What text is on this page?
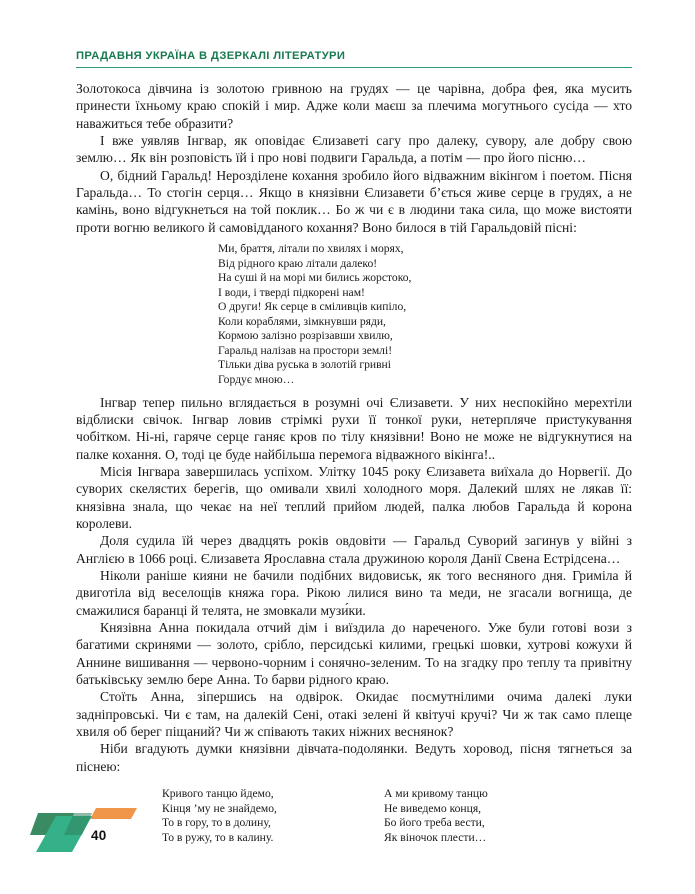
ПРАДАВНЯ УКРАЇНА В ДЗЕРКАЛІ ЛІТЕРАТУРИ

Золотокоса дівчина із золотою гривною на грудях — це чарівна, добра фея, яка мусить принести їхньому краю спокій і мир. Адже коли маєш за плечима могутнього сусіда — хто наважиться тебе образити?

І вже уявляв Інгвар, як оповідає Єлизаветі сагу про далеку, сувору, але добру свою землю… Як він розповість їй і про нові подвиги Гаральда, а потім — про його пісню…

О, бідний Гаральд! Нерозділене кохання зробило його відважним вікінгом і поетом. Пісня Гаральда… То стогін серця… Якщо в князівни Єлизавети б’ється живе серце в грудях, а не камінь, воно відгукнеться на той поклик… Бо ж чи є в людини така сила, що може вистояти проти вогню великого й самовідданого кохання? Воно билося в тій Гаральдовій пісні:

Ми, браття, літали по хвилях і морях,
Від рідного краю літали далеко!
На суші й на морі ми бились жорстоко,
І води, і тверді підкорені нам!
О други! Як серце в сміливців кипіло,
Коли кораблями, зімкнувши ряди,
Кормою залізно розрізавши хвилю,
Гаральд налізав на простори землі!
Тільки діва руська в золотій гривні
Гордує мною…

Інгвар тепер пильно вглядається в розумні очі Єлизавети. У них неспокійно мерехтіли відблиски свічок. Інгвар ловив стрімкі рухи її тонкої руки, нетерпляче пристукування чобітком. Ні-ні, гаряче серце ганяє кров по тілу князівни! Воно не може не відгукнутися на палке кохання. О, тоді це буде найбільша перемога відважного вікінга!..

Місія Інгвара завершилась успіхом. Улітку 1045 року Єлизавета виїхала до Норвегії. До суворих скелястих берегів, що омивали хвилі холодного моря. Далекий шлях не лякав її: князівна знала, що чекає на неї теплий прийом людей, палка любов Гаральда й корона королеви.

Доля судила їй через двадцять років овдовіти — Гаральд Суворий загинув у війні з Англією в 1066 році. Єлизавета Ярославна стала дружиною короля Данії Свена Естрідсена…

Ніколи раніше кияни не бачили подібних видовиськ, як того весняного дня. Гриміла й двиготіла від веселощів княжа гора. Рікою лилися вино та меди, не згасали вогнища, де смажилися баранці й телята, не змовкали музи́ки.

Князівна Анна покидала отчий дім і виїздила до нареченого. Уже були готові вози з багатими скринями — золото, срібло, персидські килими, грецькі шовки, хутрові кожухи й Аннине вишивання — червоно-чорним і сонячно-зеленим. То на згадку про теплу та привітну батьківську землю бере Анна. То барви рідного краю.

Стоїть Анна, зіпершись на одвірок. Окидає посмутнілими очима далекі луки задніпровські. Чи є там, на далекій Сені, отакі зелені й квітучі кручі? Чи ж так само плеще хвиля об берег піщаний? Чи ж співають таких ніжних веснянок?

Ніби вгадують думки князівни дівчата-подолянки. Ведуть хоровод, пісня тягнеться за піснею:

Кривого танцю йдемо,
Кінця ’му не знайдемо,
То в гору, то в долину,
То в ружу, то в калину.
А ми кривому танцю
Не виведемо конця,
Бо його треба вести,
Як віночок плести…
40
